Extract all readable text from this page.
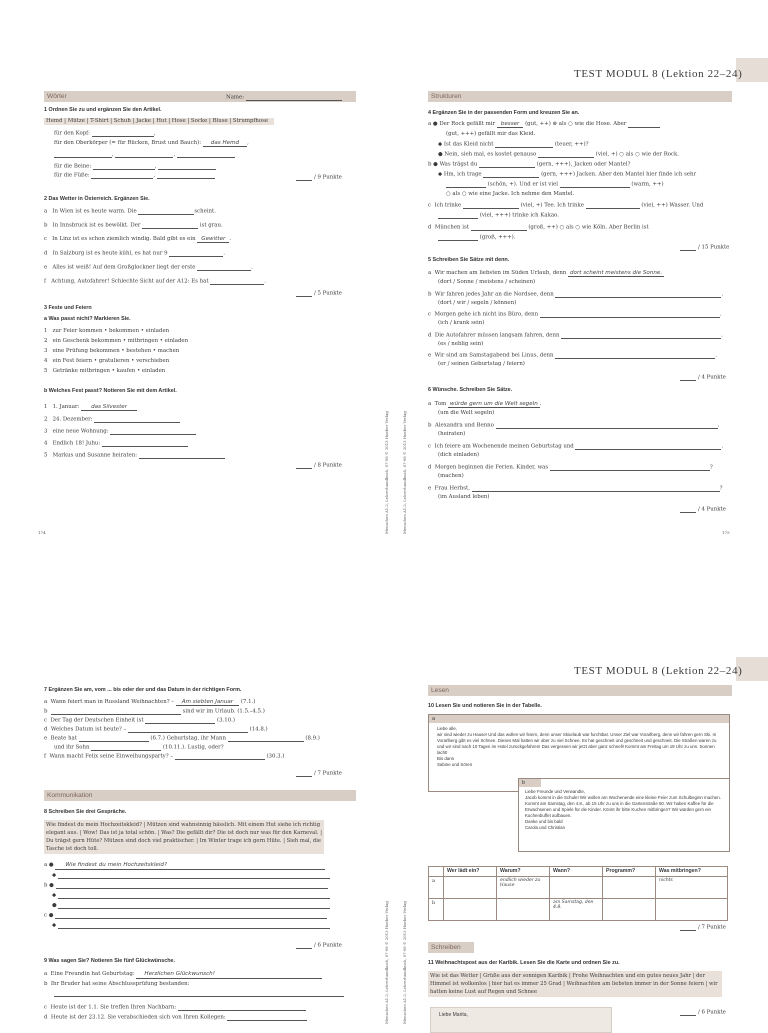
TEST MODUL 8 (Lektion 22–24)
Wörter	Name:
1 Ordnen Sie zu und ergänzen Sie den Artikel.
Hemd | Mütze | T-Shirt | Schuh | Jacke | Hut | Hose | Socke | Bluse | Strumpfhose
für den Kopf:	,
für den Oberkörper (= für Rücken, Brust und Bauch): das Hemd ,
,	,
für die Beine:	,
für die Füße:	,	/ 9 Punkte
2 Das Wetter in Österreich. Ergänzen Sie.
a In Wien ist es heute warm. Die	scheint.
b In Innsbruck ist es bewölkt. Der	ist grau.
c In Linz ist es schon ziemlich windig. Bald gibt es ein Gewitter .
d In Salzburg ist es heute kühl, es hat nur 9	.
e Alles ist weiß! Auf dem Großglockner liegt der erste	.
f Achtung, Autofahrer! Schlechte Sicht auf der A12: Es hat	.
/ 5 Punkte
3 Feste und Feiern
a Was passt nicht? Markieren Sie.
1 zur Feier kommen • bekommen • einladen
2 ein Geschenk bekommen • mitbringen • einladen
3 eine Prüfung bekommen • bestehen • machen
4 ein Fest feiern • gratulieren • verschieben
5 Getränke mitbringen • kaufen • einladen
b Welches Fest passt? Notieren Sie mit dem Artikel.
1 1. Januar: das Silvester
2 24. Dezember:
3 eine neue Wohnung:
4 Endlich 18! Juhu:
5 Markus und Susanne heiraten:
/ 8 Punkte
174	Menschen A1.2, Lehrerhandbuch, 07-98 © 2013 Hueber Verlag	Menschen A1.2, Lehrerhandbuch, 07-98 © 2013 Hueber Verlag
Strukturen
4 Ergänzen Sie in der passenden Form und kreuzen Sie an.
a ● Der Rock gefällt mir besser (gut, ++) ⊗ als ○ wie die Hose. Aber
(gut, +++) gefällt mir das Kleid.
◆ Ist das Kleid nicht	(teuer, ++)?
● Nein, sieh mal, es kostet genauso	(viel, +) ○ als ○ wie der Rock.
b ● Was trägst du	(gern, +++), Jacken oder Mantel?
◆ Hm, ich trage	(gern, +++) Jacken. Aber den Mantel hier finde ich sehr
(schön, +). Und er ist viel	(warm, ++)
○ als ○ wie eine Jacke. Ich nehme den Mantel.
c Ich trinke	(viel, +) Tee. Ich trinke	(viel, ++) Wasser. Und
(viel, +++) trinke ich Kakao.
d München ist	(groß, ++) ○ als ○ wie Köln. Aber Berlin ist
(groß, +++).
/ 15 Punkte
5 Schreiben Sie Sätze mit denn.
a Wir machen am liebsten im Süden Urlaub, denn dort scheint meistens die Sonne.
(dort / Sonne / meistens / scheinen)
b Wir fahren jedes Jahr an die Nordsee, denn	.
(dort / wir / segeln / können)
c Morgen gehe ich nicht ins Büro, denn	.
(ich / krank sein)
d Die Autofahrer müssen langsam fahren, denn	.
(es / neblig sein)
e Wir sind am Samstagabend bei Linus, denn	.
(er / seinen Geburtstag / feiern)
/ 4 Punkte
6 Wünsche. Schreiben Sie Sätze.
a Tom würde gern um die Welt segeln .
(um die Welt segeln)
b Alexandra und Benno	.
(heiraten)
c Ich feiere am Wochenende meinen Geburtstag und	.
(dich einladen)
d Morgen beginnen die Ferien. Kinder, was	?
(machen)
e Frau Herbst,	?
(im Ausland leben)
/ 4 Punkte
175
TEST MODUL 8 (Lektion 22–24)
7 Ergänzen Sie am, vom ... bis oder der und das Datum in der richtigen Form.
a Wann feiert man in Russland Weihnachten? – Am siebten Januar (7.1.)
b	sind wir im Urlaub. (1.5.–4.5.)
c Der Tag der Deutschen Einheit ist	(3.10.)
d Welches Datum ist heute? –	(14.8.)
e Beate hat	(6.7.) Geburtstag, ihr Mann	(8.9.)
und ihr Sohn	(10.11.). Lustig, oder?
f Wann macht Felix seine Einweihungsparty? –	(30.3.)
/ 7 Punkte
Kommunikation
8 Schreiben Sie drei Gespräche.
Wie findest du mein Hochzeitskleid? | Mützen sind wahnsinnig hässlich. Mit einem Hut siehe ich richtig elegant aus. | Wow! Das ist ja total schön. | Was? Die gefällt dir? Die ist doch nur was für den Karneval. | Du trägst gern Hüte? Mützen sind doch viel praktischer. | Im Winter trage ich gern Hüte. | Sieh mal, die Tasche ist doch toll.
a ● Wie findest du mein Hochzeitskleid?
◆
b ●
◆
●
c ●
◆
/ 6 Punkte
9 Was sagen Sie? Notieren Sie fünf Glückwünsche.
a Eine Freundin hat Geburtstag: Herzlichen Glückwunsch!
b Ihr Bruder hat seine Abschlussprüfung bestanden:
c Heute ist der 1.1. Sie treffen Ihren Nachbarn:
d Heute ist der 23.12. Sie verabschieden sich von Ihren Kollegen:	Menschen A1.2, Lehrerhandbuch, 07-98 © 2013 Hueber Verlag	Menschen A1.2, Lehrerhandbuch, 07-98 © 2013 Hueber Verlag
Lesen
10 Lesen Sie und notieren Sie in der Tabelle.
a
Liebe alle,
wir sind wieder zu Hause! Und das wollen wir feiern, denn unser Skiurlaub war furchtbar. Unser Ziel war Vorarlberg, denn wir fahren gern Ski. In Vorarlberg gibt es viel Schnee. Dieses Mal hatten wir aber zu viel Schnee. Es hat geschneit und geschneit und geschneit. Die Straßen waren zu und wir sind nach 10 Tagen im Hotel zurückgefahren! Das vergessen wir jetzt aber ganz schnell! Kommt am Freitag um 19 Uhr zu uns. Sonnen lacht!
Bis dann
Sabine und Sören
b
Liebe Freunde und Verwandte,
Jacob kommt in die Schule! Wir wollen am Wochenende eine kleine Feier zum Schulbeginn machen. Kommt am Samstag, den 4.8., ab 15 Uhr zu uns in die Gartenstraße 50. Wir haben Kaffee für die Erwachsenen und Spiele für die Kinder. Könnt ihr bitte Kuchen mitbringen? Wir würden gern ein Kuchenbuffet aufbauen.
Danke und bis bald
Carola und Christian
	Wer lädt ein?	Warum?	Wann?	Programm?	Was mitbringen?
a		endlich wieder zu Hause			nichts
b			am Samstag, den 4.8.		
/ 7 Punkte
Schreiben
11 Weihnachtspost aus der Karibik. Lesen Sie die Karte und ordnen Sie zu.
Wie ist das Wetter | Grüße aus der sonnigen Karibik | Frohe Weihnachten und ein gutes neues Jahr | der Himmel ist wolkenlos | hier hat es immer 25 Grad | Weihnachten am liebsten immer in der Sonne feiern | wir hatten keine Lust auf Regen und Schnee
Liebe Marita,	/ 6 Punkte
